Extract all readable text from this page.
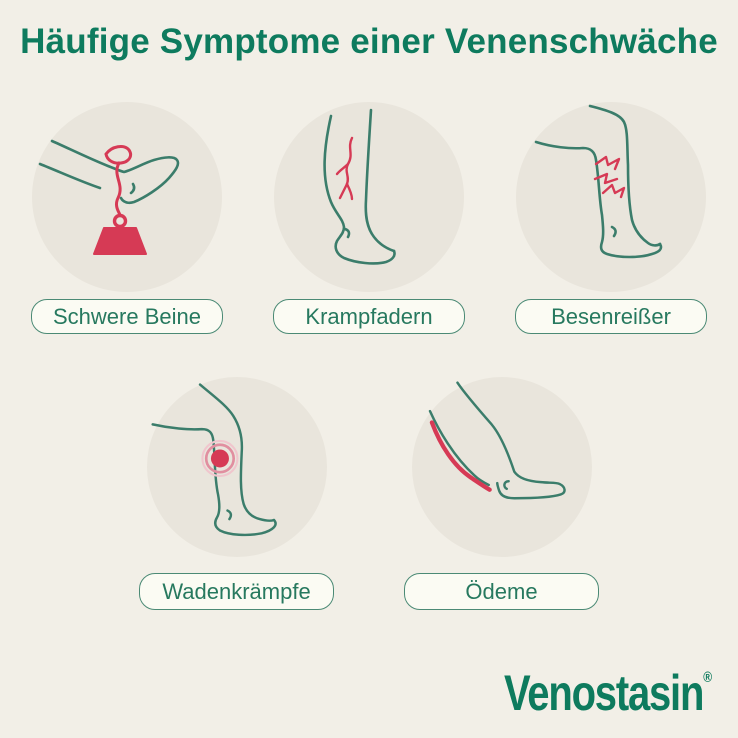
Häufige Symptome einer Venenschwäche
Schwere Beine	Krampfadern	Besenreißer
Wadenkrämpfe	Ödeme
Venostasin®
